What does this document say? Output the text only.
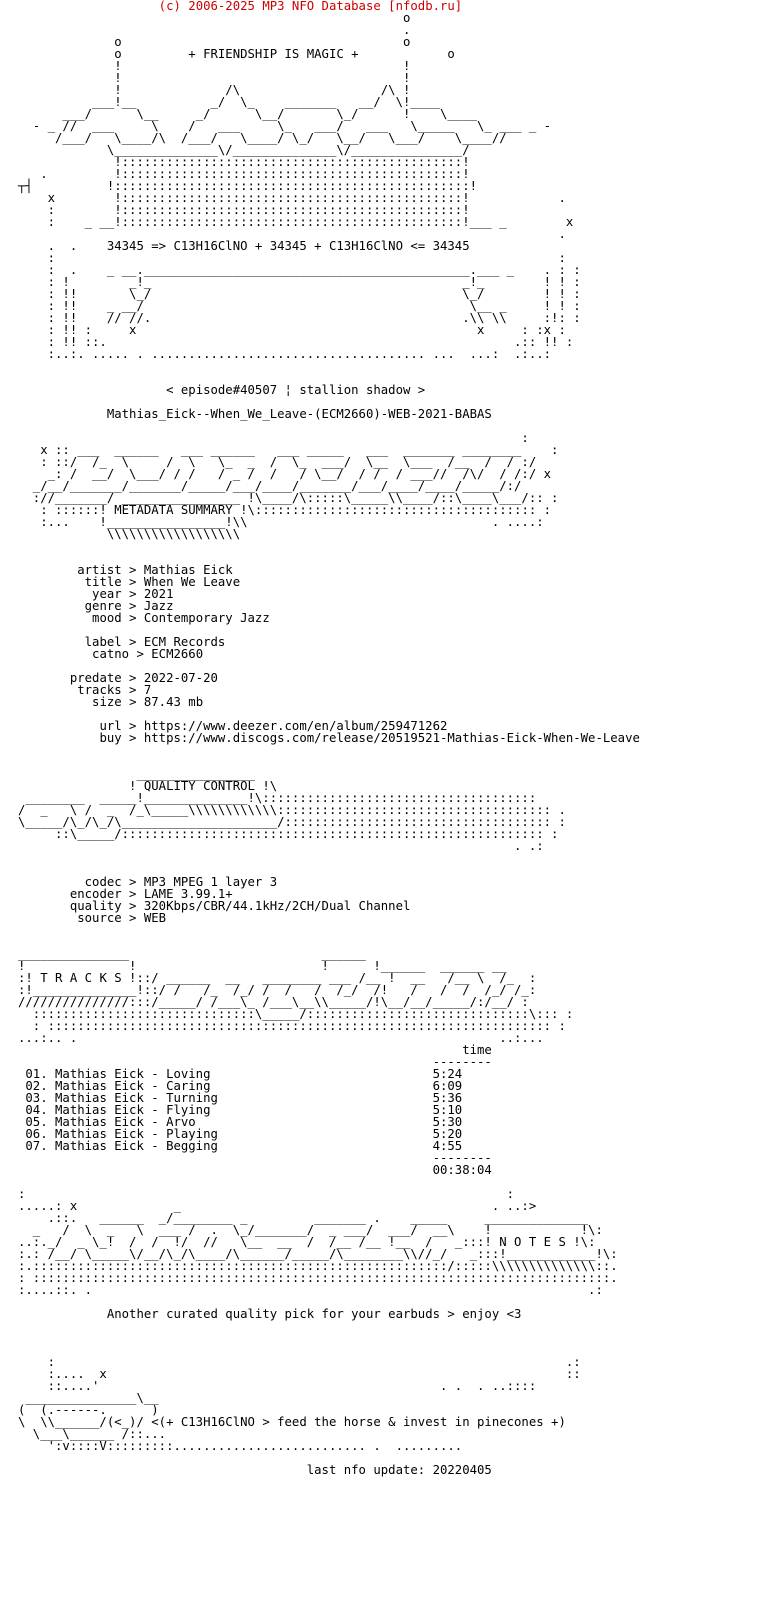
(c) 2006-2025 MP3 NFO Database [nfodb.ru]
o
.
o                                      o
o	+ FRIENDSHIP IS MAGIC +	o
!                                      !
!                                      !
!              /\                   /\ !
___!__          _/  \_    _______   __/  \!____
___/      \__     _/      \__/       \_/      !    \____
- _ //  ___     \    /   ___     \_   ___/   ___   \_____   \_ ___ _ -
/___/   \____/\  /___/   \____/ \_/   \__/   \___/    \____//
\______________\/______________\/_______________/
!::::::::::::::::::::::::::::::::::::::::::::::!
.         !::::::::::::::::::::::::::::::::::::::::::::::!
┬┤          !::::::::::::::::::::::::::::::::::::::::::::::::!
x        !::::::::::::::::::::::::::::::::::::::::::::::!            .
:        !::::::::::::::::::::::::::::::::::::::::::::::!
:    _ __!::::::::::::::::::::::::::::::::::::::::::::::!___ _        x
.
.  .    34345 => C13H16ClNO + 34345 + C13H16ClNO <= 34345
:                                                                    :
:  .    _ __.____________________________________________.___ _    . : :
: !        _!_                                          _!_        ! ! :
: !!       \_/                                          \_/        ! ! :
: !!    _ __/                                            \__ _     ! ! :
: !!    // //.                                          .\\ \\     :!: :
: !! :     x                                              x     : :x :
: !! ::.                                                       .:: !! :
:..:. ..... . ..................................... ...  ...:  .:..:

< episode#40507 ¦ stallion shadow >

Mathias_Eick--When_We_Leave-(ECM2660)-WEB-2021-BABAS

:
x :: ___  ______   ___ ______   ___ _____   ___  _______ ________    :
: ::/  /_  \     /  \   \_  _  /  \_  ___/  \__  \___  /__  /  / :/
_: /  __/  \___/ / /   / _ /  /   / \__/  / /  / ___//  /\/  / /:/ x
_/__/_______/_______/_____/___/____/_______/___/____/____/_____/:/
://_______/ ________________ !\____/\:::::\_____\\____/::\____\___/:: :
: ::::::! METADATA SUMMARY !\:::::::::::::::::::::::::::::::::::::: :
:...    !________________!\\                                 . ....:
\\\\\\\\\\\\\\\\\\

artist > Mathias Eick
title > When We Leave
year > 2021
genre > Jazz
mood > Contemporary Jazz

label > ECM Records
catno > ECM2660

predate > 2022-07-20
tracks > 7
size > 87.43 mb

url > https://www.deezer.com/en/album/259471262
buy > https://www.discogs.com/release/20519521-Mathias-Eick-When-We-Leave

________________
! QUALITY CONTROL !\
________  _____!______________!\:::::::::::::::::::::::::::::::::::::
/  _   \ /  _  /_\_____\\\\\\\\\\\\::::::::::::::::::::::::::::::::::::: .
\_____/\_/\_/\_____________________/:::::::::::::::::::::::::::::::::::: :
::\_____/::::::::::::::::::::::::::::::::::::::::::::::::::::::::: :
. .:

codec > MP3 MPEG 1 layer 3
encoder > LAME 3.99.1+
quality > 320Kbps/CBR/44.1kHz/2CH/Dual Channel
source > WEB

_______________                          ______
!              !                         !      !______  ______ __
:! T R A C K S !::/ ______  __   ________ ___ /__ !  __   /__ \  /_  :
:!______________!::/ /   /_  /_/ /  /   /  /_/  /!   /   /  /  /_/ /_:
///////////////:::/_____/ /___\_ /___\__\\_____/!\__/__/_____/:/__/ :
::::::::::::::::::::::::::::::\_____/::::::::::::::::::::::::::::::\::: :
: :::::::::::::::::::::::::::::::::::::::::::::::::::::::::::::::::::: :
...:.. .                                                         ..:...
time
--------
01. Mathias Eick - Loving                              5:24
02. Mathias Eick - Caring                              6:09
03. Mathias Eick - Turning                             5:36
04. Mathias Eick - Flying                              5:10
05. Mathias Eick - Arvo                                5:30
06. Mathias Eick - Playing                             5:20
07. Mathias Eick - Begging                             4:55
--------
00:38:04

:                                                                 :
.....: x             _                                          . ..:>
.::.   ______  _/________ _         _______ .    _____     ______________
_   /  \  _   \  ___ /  .  \_/_______/  _ ___/  ___/  __\    !            !\:
..:._/  _ \_!  /  /  !/  //   \__  __  /  /__ /__ !__  /   _:::! N O T E S !\:
:.: /__/ \_____\/__/\_/\____/\______/_____/\________\\//_/   _:::!____________!\:
:.::::::::::::::::::::::::::::::::::::::::::::::::::::::::/:::::\\\\\\\\\\\\\\::.
: ::::::::::::::::::::::::::::::::::::::::::::::::::::::::::::::::::::::::::::::.
:....::. .                                                                   .:

Another curated quality pick for your earbuds > enjoy <3

:                                                                     .:
:....  x                                                              ::
::....'                                              . .  . ..::::
_______________\__
(  (.------.      )
\  \\______/(<_)/ <(+ C13H16ClNO > feed the horse & invest in pinecones +)
\___\______ /::...
':v::::V:::::::::.......................... .  .........

last nfo update: 20220405
